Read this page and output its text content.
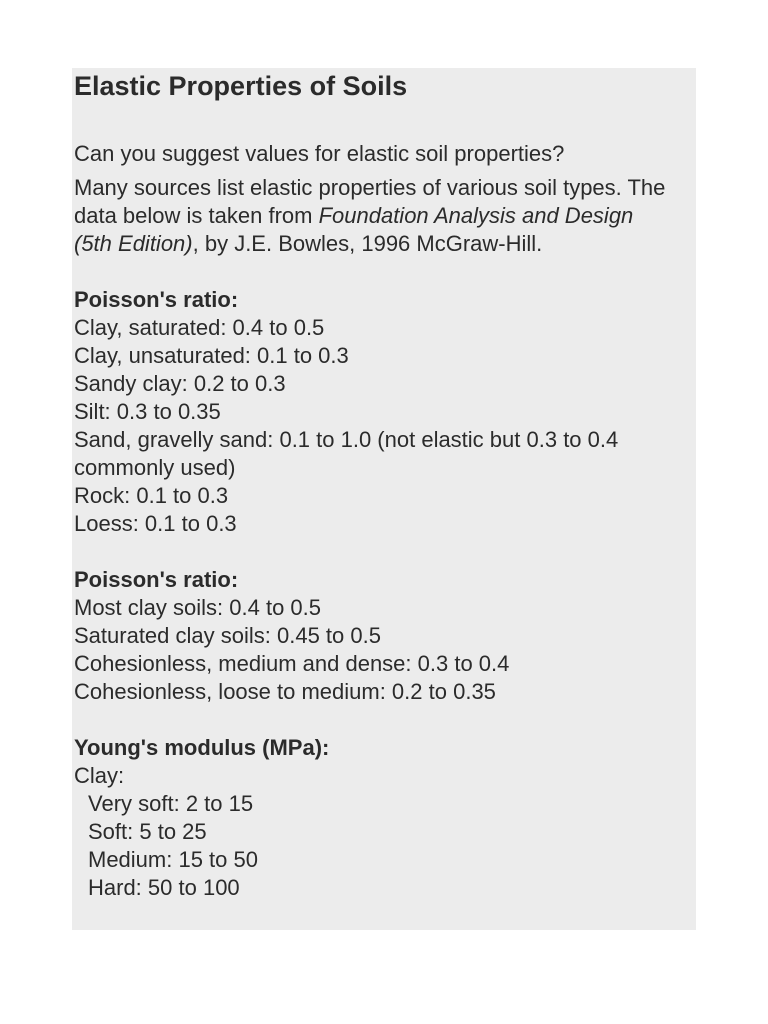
Elastic Properties of Soils

Can you suggest values for elastic soil properties?

Many sources list elastic properties of various soil types. The data below is taken from Foundation Analysis and Design (5th Edition), by J.E. Bowles, 1996 McGraw-Hill.

Poisson's ratio:

Clay, saturated: 0.4 to 0.5

Clay, unsaturated: 0.1 to 0.3

Sandy clay: 0.2 to 0.3

Silt: 0.3 to 0.35

Sand, gravelly sand: 0.1 to 1.0 (not elastic but 0.3 to 0.4 commonly used)

Rock: 0.1 to 0.3

Loess: 0.1 to 0.3

Poisson's ratio:

Most clay soils: 0.4 to 0.5

Saturated clay soils: 0.45 to 0.5

Cohesionless, medium and dense: 0.3 to 0.4

Cohesionless, loose to medium: 0.2 to 0.35

Young's modulus (MPa):

Clay:

Very soft: 2 to 15

Soft: 5 to 25

Medium: 15 to 50

Hard: 50 to 100
